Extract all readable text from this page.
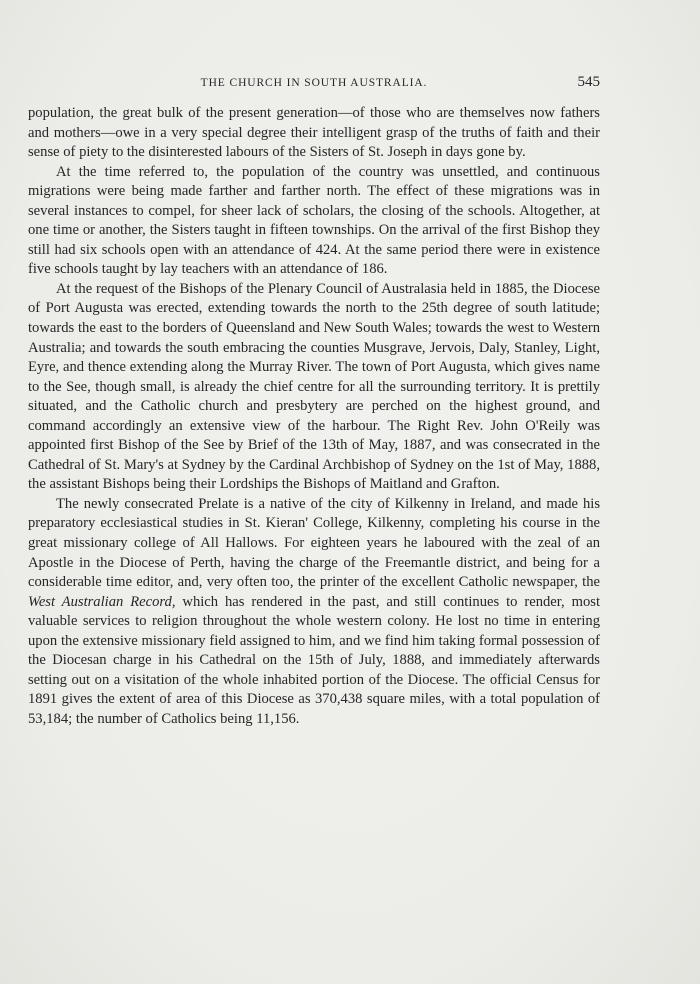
THE CHURCH IN SOUTH AUSTRALIA.	545

population, the great bulk of the present generation—of those who are themselves now fathers and mothers—owe in a very special degree their intelligent grasp of the truths of faith and their sense of piety to the disinterested labours of the Sisters of St. Joseph in days gone by.

At the time referred to, the population of the country was unsettled, and continuous migrations were being made farther and farther north. The effect of these migrations was in several instances to compel, for sheer lack of scholars, the closing of the schools. Altogether, at one time or another, the Sisters taught in fifteen townships. On the arrival of the first Bishop they still had six schools open with an attendance of 424. At the same period there were in existence five schools taught by lay teachers with an attendance of 186.

At the request of the Bishops of the Plenary Council of Australasia held in 1885, the Diocese of Port Augusta was erected, extending towards the north to the 25th degree of south latitude; towards the east to the borders of Queensland and New South Wales; towards the west to Western Australia; and towards the south embracing the counties Musgrave, Jervois, Daly, Stanley, Light, Eyre, and thence extending along the Murray River. The town of Port Augusta, which gives name to the See, though small, is already the chief centre for all the surrounding territory. It is prettily situated, and the Catholic church and presbytery are perched on the highest ground, and command accordingly an extensive view of the harbour. The Right Rev. John O'Reily was appointed first Bishop of the See by Brief of the 13th of May, 1887, and was consecrated in the Cathedral of St. Mary's at Sydney by the Cardinal Archbishop of Sydney on the 1st of May, 1888, the assistant Bishops being their Lordships the Bishops of Maitland and Grafton.

The newly consecrated Prelate is a native of the city of Kilkenny in Ireland, and made his preparatory ecclesiastical studies in St. Kieran' College, Kilkenny, completing his course in the great missionary college of All Hallows. For eighteen years he laboured with the zeal of an Apostle in the Diocese of Perth, having the charge of the Freemantle district, and being for a considerable time editor, and, very often too, the printer of the excellent Catholic newspaper, the West Australian Record, which has rendered in the past, and still continues to render, most valuable services to religion throughout the whole western colony. He lost no time in entering upon the extensive missionary field assigned to him, and we find him taking formal possession of the Diocesan charge in his Cathedral on the 15th of July, 1888, and immediately afterwards setting out on a visitation of the whole inhabited portion of the Diocese. The official Census for 1891 gives the extent of area of this Diocese as 370,438 square miles, with a total population of 53,184; the number of Catholics being 11,156.
